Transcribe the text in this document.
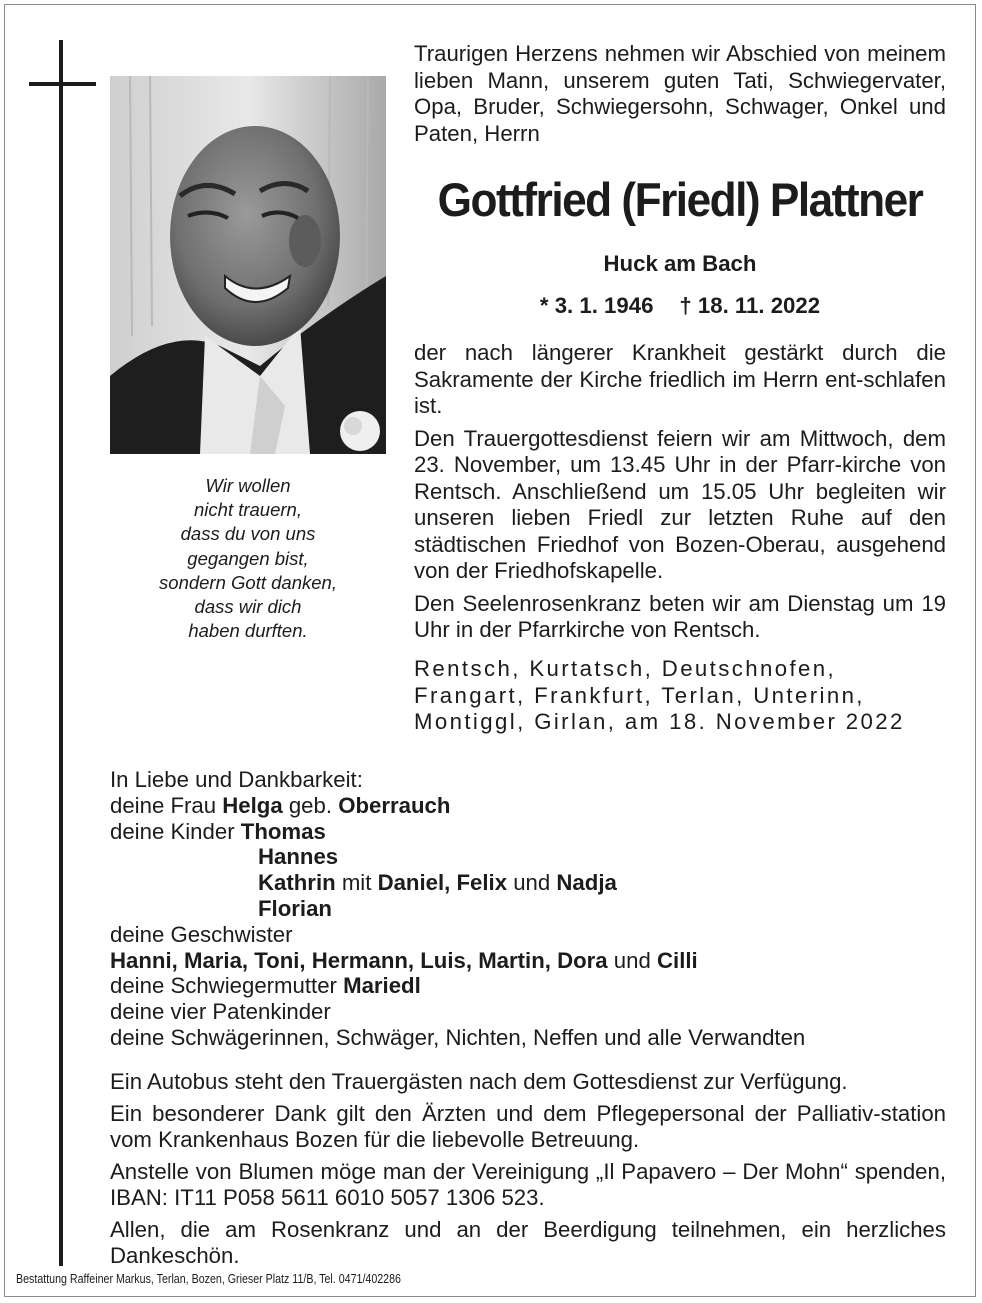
Wir wollen
nicht trauern,
dass du von uns
gegangen bist,
sondern Gott danken,
dass wir dich
haben durften.

Traurigen Herzens nehmen wir Abschied von meinem lieben Mann, unserem guten Tati, Schwiegervater, Opa, Bruder, Schwiegersohn, Schwager, Onkel und Paten, Herrn

Gottfried (Friedl) Plattner

Huck am Bach

* 3. 1. 1946 † 18. 11. 2022

der nach längerer Krankheit gestärkt durch die Sakramente der Kirche friedlich im Herrn ent-schlafen ist.

Den Trauergottesdienst feiern wir am Mittwoch, dem 23. November, um 13.45 Uhr in der Pfarr-kirche von Rentsch. Anschließend um 15.05 Uhr begleiten wir unseren lieben Friedl zur letzten Ruhe auf den städtischen Friedhof von Bozen-Oberau, ausgehend von der Friedhofskapelle.

Den Seelenrosenkranz beten wir am Dienstag um 19 Uhr in der Pfarrkirche von Rentsch.

Rentsch, Kurtatsch, Deutschnofen,
Frangart, Frankfurt, Terlan, Unterinn,
Montiggl, Girlan, am 18. November 2022
In Liebe und Dankbarkeit:
deine Frau Helga geb. Oberrauch
deine Kinder Thomas
Hannes
Kathrin mit Daniel, Felix und Nadja
Florian
deine Geschwister
Hanni, Maria, Toni, Hermann, Luis, Martin, Dora und Cilli
deine Schwiegermutter Mariedl
deine vier Patenkinder
deine Schwägerinnen, Schwäger, Nichten, Neffen und alle Verwandten

Ein Autobus steht den Trauergästen nach dem Gottesdienst zur Verfügung.

Ein besonderer Dank gilt den Ärzten und dem Pflegepersonal der Palliativ-station vom Krankenhaus Bozen für die liebevolle Betreuung.

Anstelle von Blumen möge man der Vereinigung „Il Papavero – Der Mohn“ spenden, IBAN: IT11 P058 5611 6010 5057 1306 523.

Allen, die am Rosenkranz und an der Beerdigung teilnehmen, ein herzliches Dankeschön.

Bestattung Raffeiner Markus, Terlan, Bozen, Grieser Platz 11/B, Tel. 0471/402286
